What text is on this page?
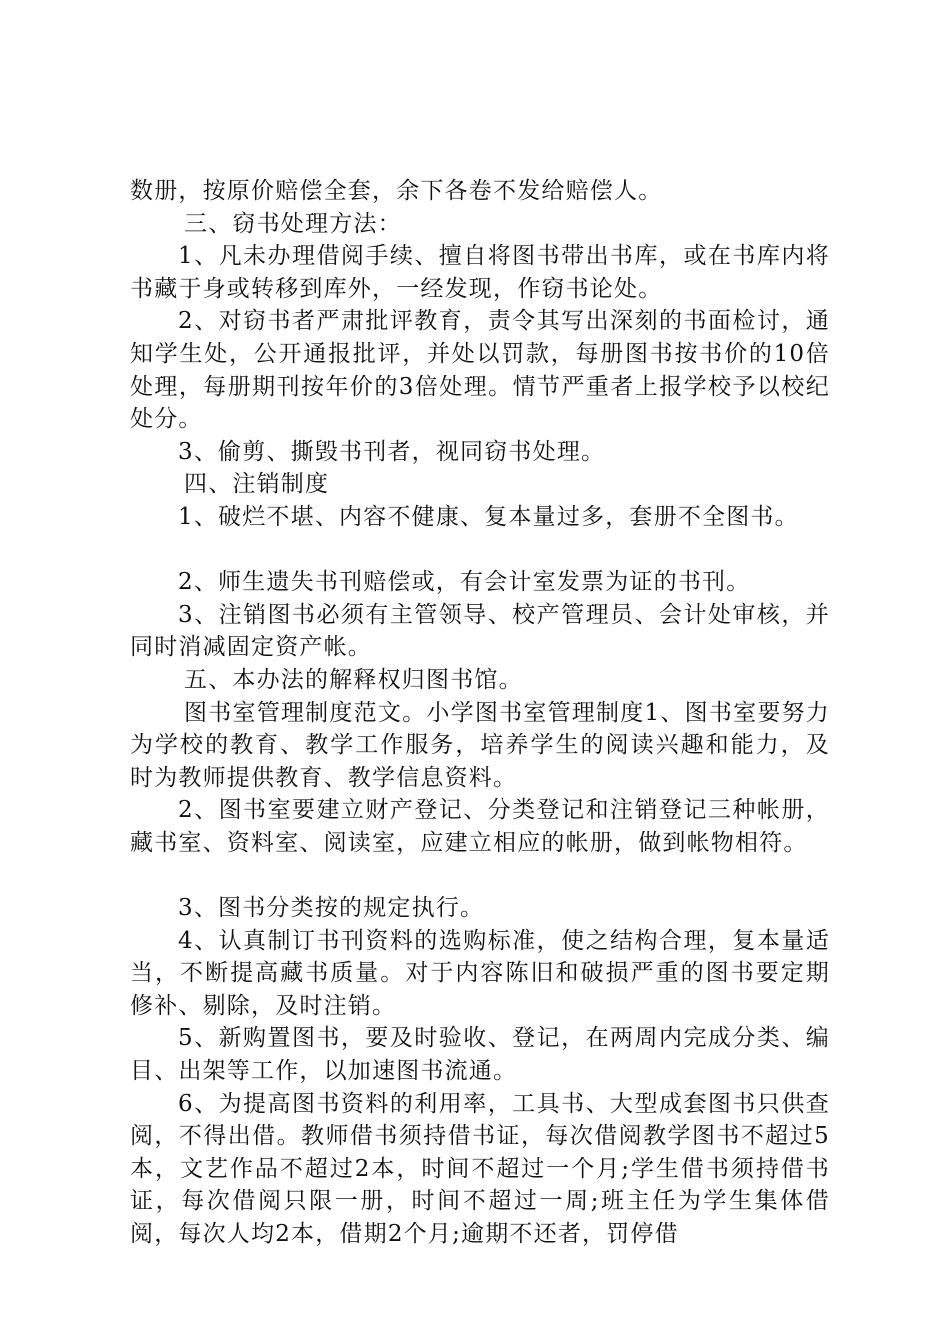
数册，按原价赔偿全套，余下各卷不发给赔偿人。

三、窃书处理方法：

1、凡未办理借阅手续、擅自将图书带出书库，或在书库内将书藏于身或转移到库外，一经发现，作窃书论处。

2、对窃书者严肃批评教育，责令其写出深刻的书面检讨，通知学生处，公开通报批评，并处以罚款，每册图书按书价的10倍处理，每册期刊按年价的3倍处理。情节严重者上报学校予以校纪处分。

3、偷剪、撕毁书刊者，视同窃书处理。

四、注销制度

1、破烂不堪、内容不健康、复本量过多，套册不全图书。

2、师生遗失书刊赔偿或，有会计室发票为证的书刊。

3、注销图书必须有主管领导、校产管理员、会计处审核，并同时消减固定资产帐。

五、本办法的解释权归图书馆。

图书室管理制度范文。小学图书室管理制度1、图书室要努力为学校的教育、教学工作服务，培养学生的阅读兴趣和能力，及时为教师提供教育、教学信息资料。

2、图书室要建立财产登记、分类登记和注销登记三种帐册，藏书室、资料室、阅读室，应建立相应的帐册，做到帐物相符。

3、图书分类按的规定执行。

4、认真制订书刊资料的选购标准，使之结构合理，复本量适当，不断提高藏书质量。对于内容陈旧和破损严重的图书要定期修补、剔除，及时注销。

5、新购置图书，要及时验收、登记，在两周内完成分类、编目、出架等工作，以加速图书流通。

6、为提高图书资料的利用率，工具书、大型成套图书只供查阅，不得出借。教师借书须持借书证，每次借阅教学图书不超过5本，文艺作品不超过2本，时间不超过一个月;学生借书须持借书证，每次借阅只限一册，时间不超过一周;班主任为学生集体借阅，每次人均2本，借期2个月;逾期不还者，罚停借
